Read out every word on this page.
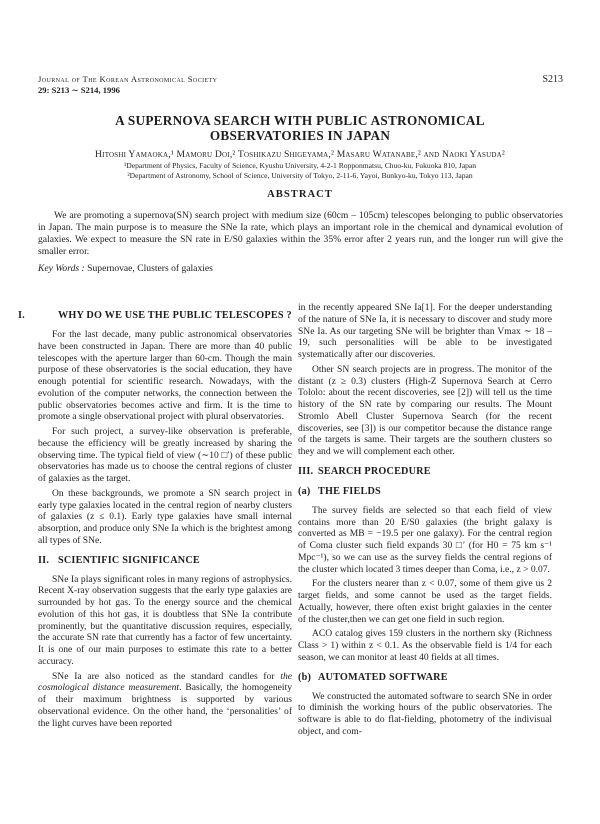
Journal of The Korean Astronomical Society
29: S213 ∼ S214, 1996
S213
A SUPERNOVA SEARCH WITH PUBLIC ASTRONOMICAL
OBSERVATORIES IN JAPAN
Hitoshi Yamaoka,¹ Mamoru Doi,² Toshikazu Shigeyama,² Masaru Watanabe,² and Naoki Yasuda²
¹Department of Physics, Faculty of Science, Kyushu University, 4-2-1 Ropponmatsu, Chuo-ku, Fukuoka 810, Japan
²Department of Astronomy, School of Science, University of Tokyo, 2-11-6, Yayoi, Bunkyo-ku, Tokyo 113, Japan
ABSTRACT
We are promoting a supernova(SN) search project with medium size (60cm – 105cm) telescopes belonging to public observatories in Japan. The main purpose is to measure the SNe Ia rate, which plays an important role in the chemical and dynamical evolution of galaxies. We expect to measure the SN rate in E/S0 galaxies within the 35% error after 2 years run, and the longer run will give the smaller error.
Key Words : Supernovae, Clusters of galaxies
I.	WHY DO WE USE THE PUBLIC TELESCOPES ?

For the last decade, many public astronomical observatories have been constructed in Japan. There are more than 40 public telescopes with the aperture larger than 60-cm. Though the main purpose of these observatories is the social education, they have enough potential for scientific research. Nowadays, with the evolution of the computer networks, the connection between the public observatories becomes active and firm. It is the time to promote a single observational project with plural observatories.

For such project, a survey-like observation is preferable, because the efficiency will be greatly increased by sharing the observing time. The typical field of view (∼10 □′) of these public observatories has made us to choose the central regions of cluster of galaxies as the target.

On these backgrounds, we promote a SN search project in early type galaxies located in the central region of nearby clusters of galaxies (z ≤ 0.1). Early type galaxies have small internal absorption, and produce only SNe Ia which is the brightest among all types of SNe.

II. SCIENTIFIC SIGNIFICANCE

SNe Ia plays significant roles in many regions of astrophysics. Recent X-ray observation suggests that the early type galaxies are surrounded by hot gas. To the energy source and the chemical evolution of this hot gas, it is doubtless that SNe Ia contribute prominently, but the quantitative discussion requires, especially, the accurate SN rate that currently has a factor of few uncertainty. It is one of our main purposes to estimate this rate to a better accuracy.

SNe Ia are also noticed as the standard candles for the cosmological distance measurement. Basically, the homogeneity of their maximum brightness is supported by various observational evidence. On the other hand, the ‘personalities’ of the light curves have been reported

in the recently appeared SNe Ia[1]. For the deeper understanding of the nature of SNe Ia, it is necessary to discover and study more SNe Ia. As our targeting SNe will be brighter than Vmax ∼ 18 – 19, such personalities will be able to be investigated systematically after our discoveries.

Other SN search projects are in progress. The monitor of the distant (z ≥ 0.3) clusters (High-Z Supernova Search at Cerro Tololo: about the recent discoveries, see [2]) will tell us the time history of the SN rate by comparing our results. The Mount Stromlo Abell Cluster Supernova Search (for the recent discoveries, see [3]) is our competitor because the distance range of the targets is same. Their targets are the southern clusters so they and we will complement each other.

III. SEARCH PROCEDURE
(a) THE FIELDS

The survey fields are selected so that each field of view contains more than 20 E/S0 galaxies (the bright galaxy is converted as MB = −19.5 per one galaxy). For the central region of Coma cluster such field expands 30 □′ (for H0 = 75 km s⁻¹ Mpc⁻¹), so we can use as the survey fields the central regions of the cluster which located 3 times deeper than Coma, i.e., z > 0.07.

For the clusters nearer than z < 0.07, some of them give us 2 target fields, and some cannot be used as the target fields. Actually, however, there often exist bright galaxies in the center of the cluster,then we can get one field in such region.

ACO catalog gives 159 clusters in the northern sky (Richness Class > 1) within z < 0.1. As the observable field is 1/4 for each season, we can monitor at least 40 fields at all times.

(b) AUTOMATED SOFTWARE

We constructed the automated software to search SNe in order to diminish the working hours of the public observatories. The software is able to do flat-fielding, photometry of the indivisual object, and com-
